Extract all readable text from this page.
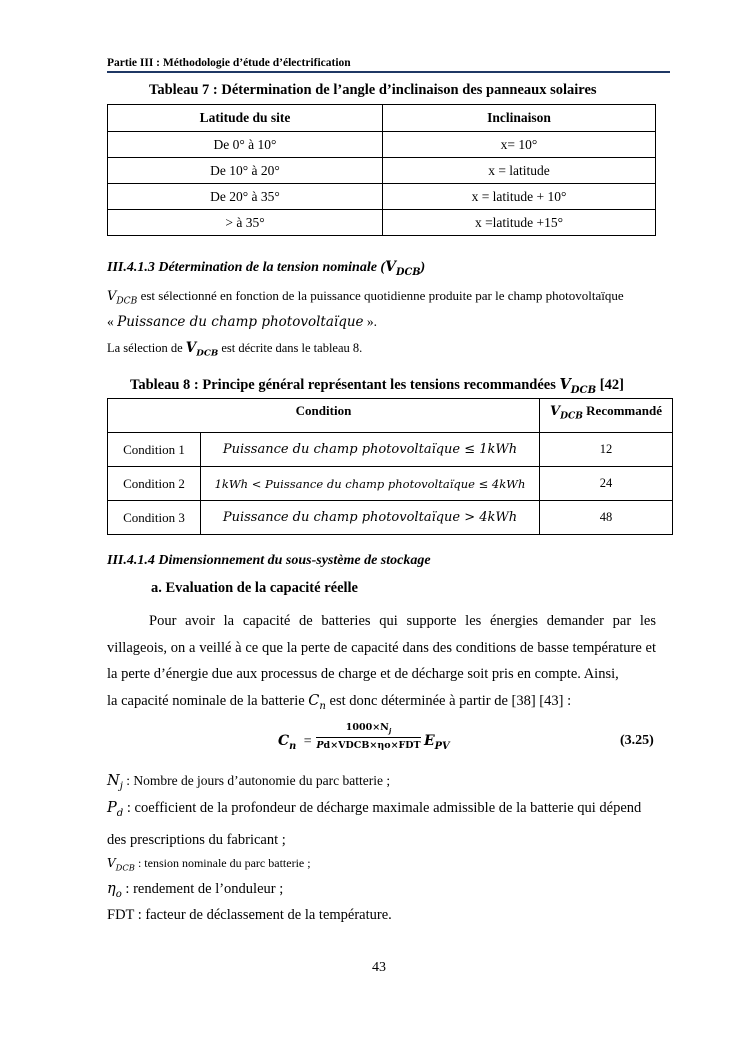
Partie III : Méthodologie d’étude d’électrification
Tableau 7 : Détermination de l’angle d’inclinaison des panneaux solaires
Latitude du site	Inclinaison
De 0° à 10°	x= 10°
De 10° à 20°	x = latitude
De 20° à 35°	x = latitude + 10°
> à 35°	x =latitude +15°
III.4.1.3 Détermination de la tension nominale $(V_{DCB})$
$V_{DCB}$ est sélectionné en fonction de la puissance quotidienne produite par le champ photovoltaïque
« Puissance du champ photovoltaïque ».
La sélection de $V_{DCB}$ est décrite dans le tableau 8.
Tableau 8 : Principe général représentant les tensions recommandées $V_{DCB}$ [42]
Condition		$V_{DCB}$ Recommandé
Condition 1	Puissance du champ photovoltaïque ≤ 1kWh	12
Condition 2	1kWh < Puissance du champ photovoltaïque ≤ 4kWh	24
Condition 3	Puissance du champ photovoltaïque > 4kWh	48
III.4.1.4 Dimensionnement du sous-système de stockage
a. Evaluation de la capacité réelle

Pour avoir la capacité de batteries qui supporte les énergies demander par les villageois, on a veillé à ce que la perte de capacité dans des conditions de basse température et la perte d’énergie due aux processus de charge et de décharge soit pris en compte. Ainsi,

la capacité nominale de la batterie $C_n$ est donc déterminée à partir de [38] [43] :

$C_n$ =
$1000\times N_j$
Pd×VDCB×ηo×FDT $E_{PV}$	(3.25)
$N_j$ : Nombre de jours d’autonomie du parc batterie ;
$P_d$ : coefficient de la profondeur de décharge maximale admissible de la batterie qui dépend des prescriptions du fabricant ;
$V_{DCB}$ : tension nominale du parc batterie ;
$\eta_o$ : rendement de l’onduleur ;
FDT : facteur de déclassement de la température.
43
